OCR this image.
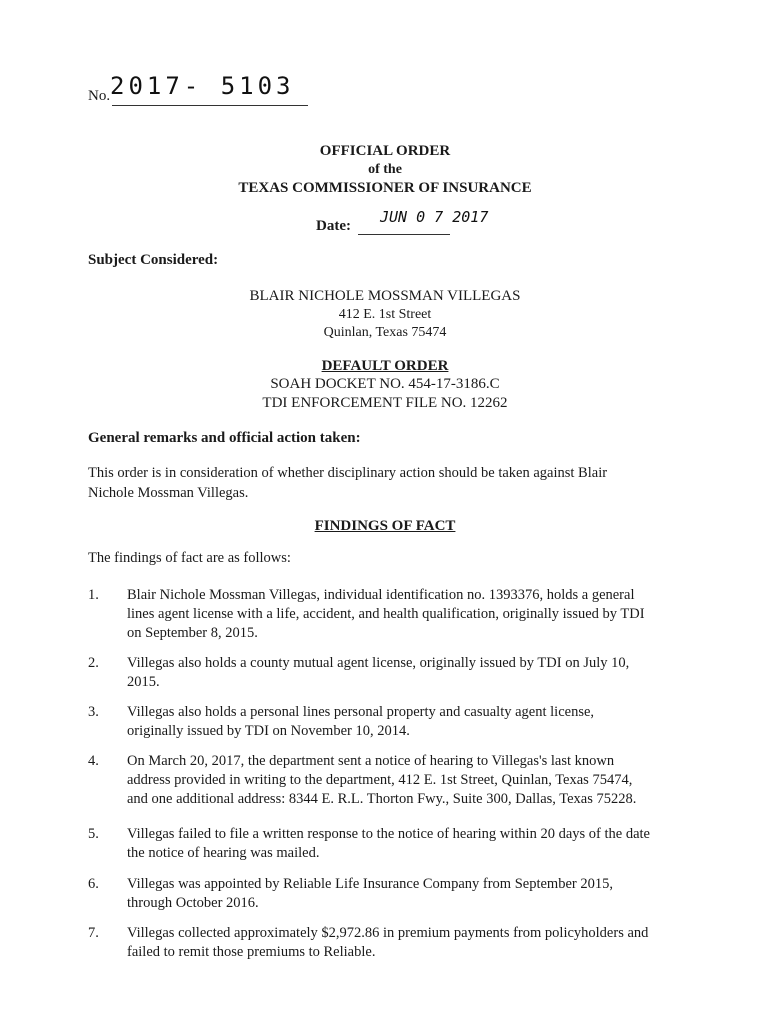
No. 2017- 5103
OFFICIAL ORDER
of the
TEXAS COMMISSIONER OF INSURANCE
Date: JUN 0 7 2017
Subject Considered:
BLAIR NICHOLE MOSSMAN VILLEGAS
412 E. 1st Street
Quinlan, Texas 75474
DEFAULT ORDER
SOAH DOCKET NO. 454-17-3186.C
TDI ENFORCEMENT FILE NO. 12262
General remarks and official action taken:
This order is in consideration of whether disciplinary action should be taken against Blair
Nichole Mossman Villegas.
FINDINGS OF FACT
The findings of fact are as follows:
1. Blair Nichole Mossman Villegas, individual identification no. 1393376, holds a general
lines agent license with a life, accident, and health qualification, originally issued by TDI
on September 8, 2015.
2. Villegas also holds a county mutual agent license, originally issued by TDI on July 10,
2015.
3. Villegas also holds a personal lines personal property and casualty agent license,
originally issued by TDI on November 10, 2014.
4. On March 20, 2017, the department sent a notice of hearing to Villegas's last known
address provided in writing to the department, 412 E. 1st Street, Quinlan, Texas 75474,
and one additional address: 8344 E. R.L. Thorton Fwy., Suite 300, Dallas, Texas 75228.
5. Villegas failed to file a written response to the notice of hearing within 20 days of the date
the notice of hearing was mailed.
6. Villegas was appointed by Reliable Life Insurance Company from September 2015,
through October 2016.
7. Villegas collected approximately $2,972.86 in premium payments from policyholders and
failed to remit those premiums to Reliable.
